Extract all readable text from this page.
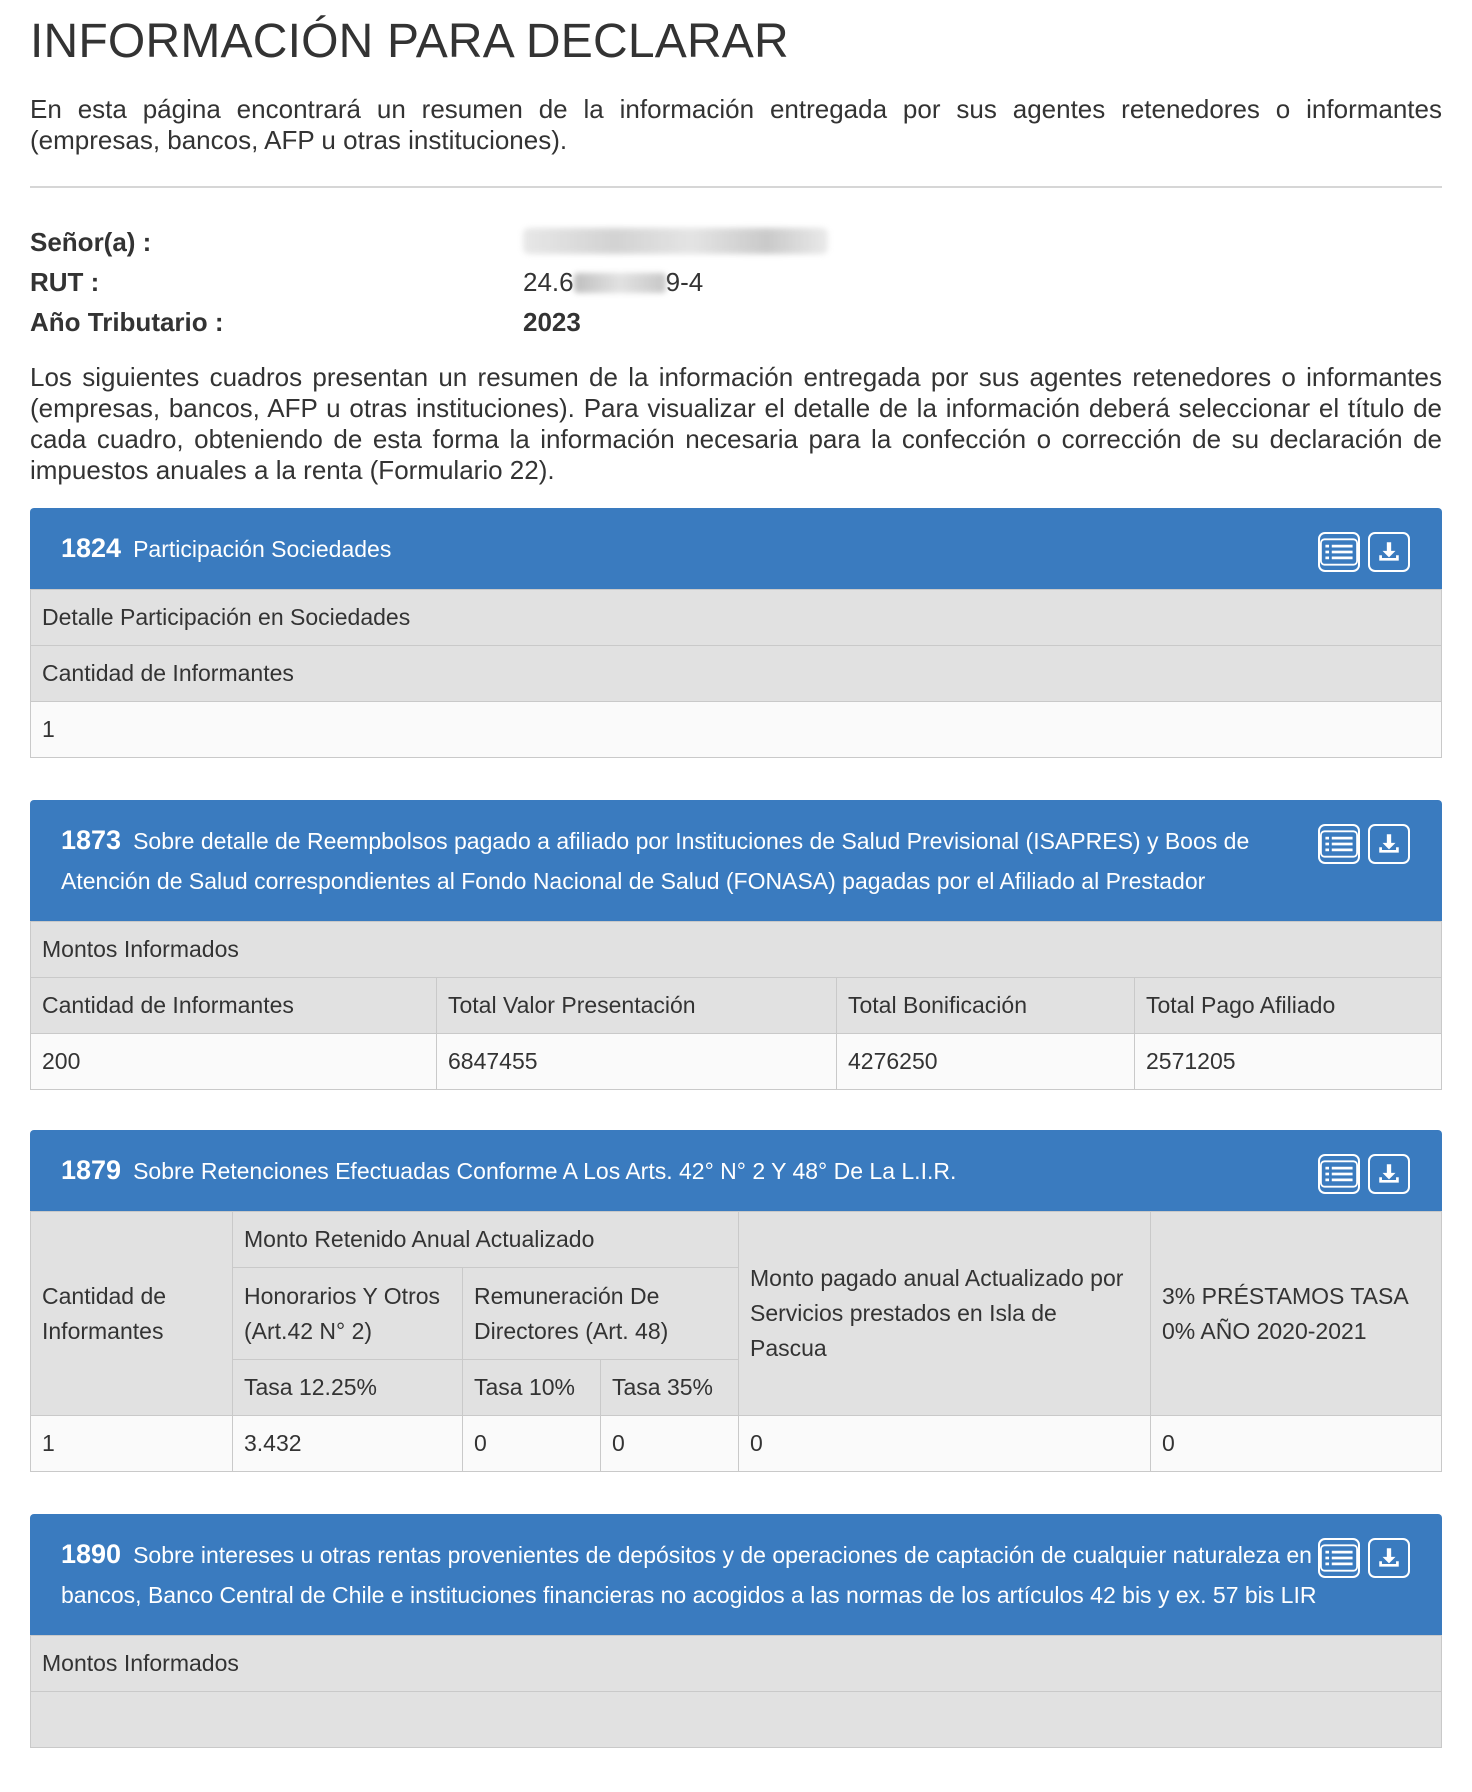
INFORMACIÓN PARA DECLARAR

En esta página encontrará un resumen de la información entregada por sus agentes retenedores o informantes (empresas, bancos, AFP u otras instituciones).

Señor(a) :
RUT :	24.6	9-4
Año Tributario :	2023

Los siguientes cuadros presentan un resumen de la información entregada por sus agentes retenedores o informantes (empresas, bancos, AFP u otras instituciones). Para visualizar el detalle de la información deberá seleccionar el título de cada cuadro, obteniendo de esta forma la información necesaria para la confección o corrección de su declaración de impuestos anuales a la renta (Formulario 22).

1824 Participación Sociedades
Detalle Participación en Sociedades
Cantidad de Informantes
1
1873 Sobre detalle de Reempbolsos pagado a afiliado por Instituciones de Salud Previsional (ISAPRES) y Boos de Atención de Salud correspondientes al Fondo Nacional de Salud (FONASA) pagadas por el Afiliado al Prestador
Montos Informados			
Cantidad de Informantes	Total Valor Presentación	Total Bonificación	Total Pago Afiliado
200	6847455	4276250	2571205
1879 Sobre Retenciones Efectuadas Conforme A Los Arts. 42° N° 2 Y 48° De La L.I.R.
Cantidad de Informantes	Monto Retenido Anual Actualizado			Monto pagado anual Actualizado por Servicios prestados en Isla de Pascua	3% PRÉSTAMOS TASA 0% AÑO 2020-2021
	Honorarios Y Otros (Art.42 N° 2)	Remuneración De Directores (Art. 48)			
	Tasa 12.25%	Tasa 10%	Tasa 35%		
1	3.432	0	0	0	0
1890 Sobre intereses u otras rentas provenientes de depósitos y de operaciones de captación de cualquier naturaleza en bancos, Banco Central de Chile e instituciones financieras no acogidos a las normas de los artículos 42 bis y ex. 57 bis LIR
Montos Informados
